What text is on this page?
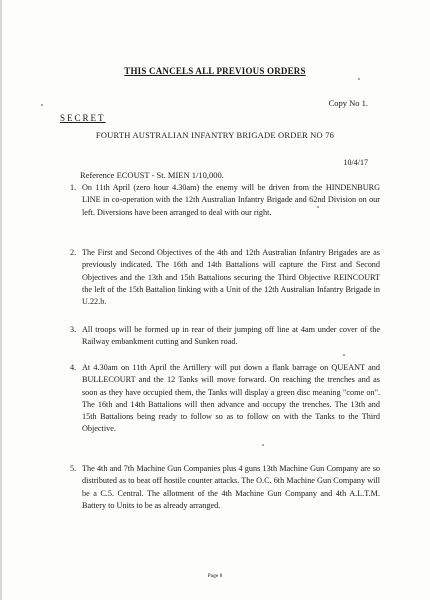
THIS CANCELS ALL PREVIOUS ORDERS
Copy No 1.
SECRET
FOURTH AUSTRALIAN INFANTRY BRIGADE ORDER NO 76
10/4/17
Reference ECOUST - St. MIEN 1/10,000.
1. On 11th April (zero hour 4.30am) the enemy will be driven from the HINDENBURG LINE in co-operation with the 12th Australian Infantry Brigade and 62nd Division on our left. Diversions have been arranged to deal with our right.
2. The First and Second Objectives of the 4th and 12th Australian Infantry Brigades are as previously indicated. The 16th and 14th Battalions will capture the First and Second Objectives and the 13th and 15th Battalions securing the Third Objective REINCOURT the left of the 15th Battalion linking with a Unit of the 12th Australian Infantry Brigade in U.22.b.
3. All troops will be formed up in rear of their jumping off line at 4am under cover of the Railway embankment cutting and Sunken road.
4. At 4.30am on 11th April the Artillery will put down a flank barrage on QUEANT and BULLECOURT and the 12 Tanks will move forward. On reaching the trenches and as soon as they have occupied them, the Tanks will display a green disc meaning "come on". The 16th and 14th Battalions will then advance and occupy the trenches. The 13th and 15th Battalions being ready to follow so as to follow on with the Tanks to the Third Objective.
5. The 4th and 7th Machine Gun Companies plus 4 guns 13th Machine Gun Company are so distributed as to beat off hostile counter attacks. The O.C. 6th Machine Gun Company will be a C.5. Central. The allotment of the 4th Machine Gun Company and 4th A.L.T.M. Battery to Units to be as already arranged.
Page 8
